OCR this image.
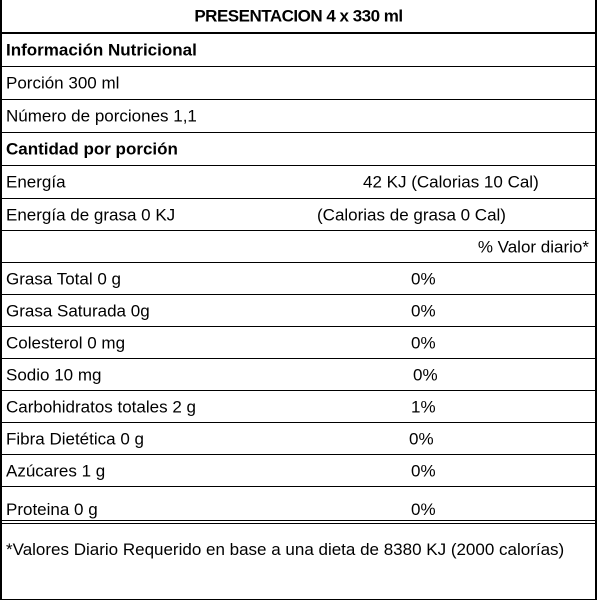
PRESENTACION 4 x 330 ml
Información Nutricional
Porción 300 ml
Número de porciones 1,1
Cantidad por porción
Energía	42 KJ (Calorias 10 Cal)
Energía de grasa 0 KJ	(Calorias de grasa 0 Cal)
% Valor diario*
Grasa Total 0 g	0%
Grasa Saturada 0g	0%
Colesterol 0 mg	0%
Sodio 10 mg	0%
Carbohidratos totales 2 g	1%
Fibra Dietética 0 g	0%
Azúcares 1 g	0%
Proteina 0 g	0%
*Valores Diario Requerido en base a una dieta de 8380 KJ (2000 calorías)
